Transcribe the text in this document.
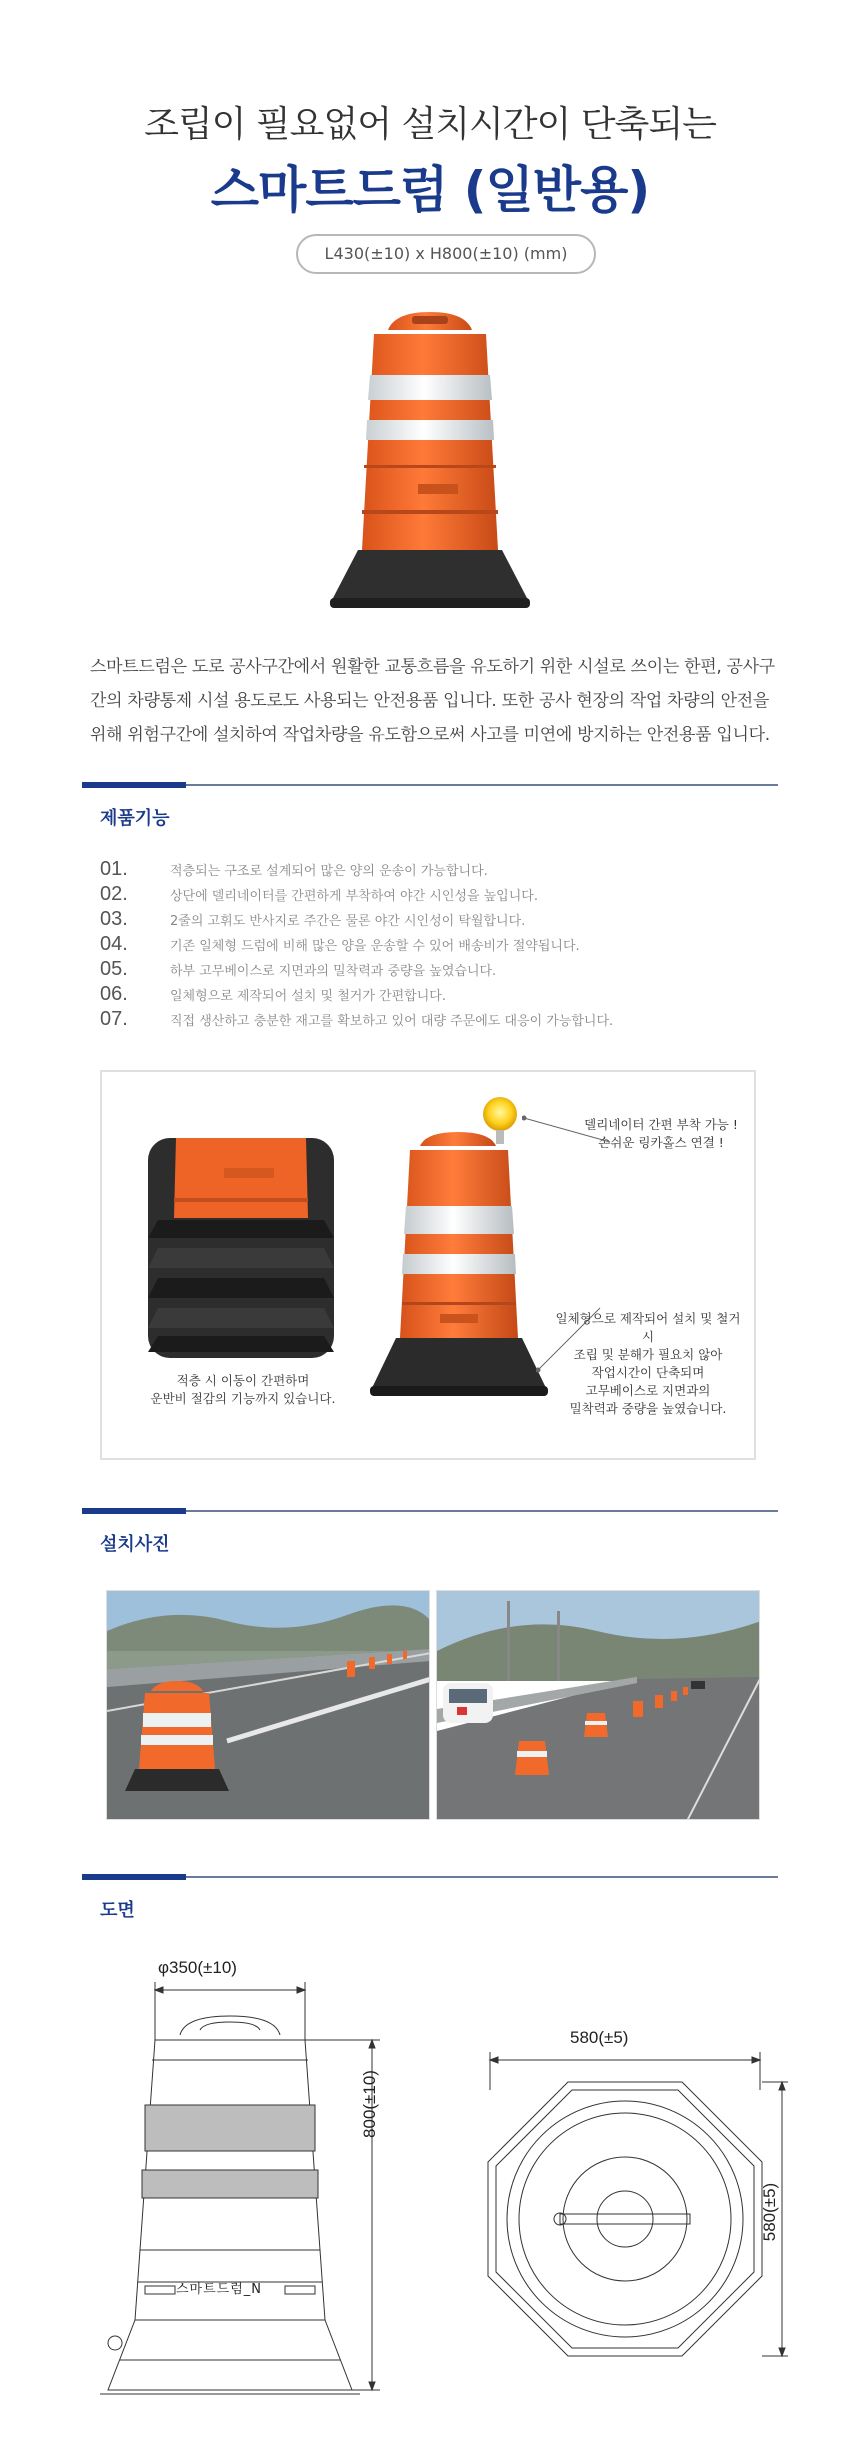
조립이 필요없어 설치시간이 단축되는
스마트드럼 (일반용)
L430(±10) x H800(±10) (mm)
스마트드럼은 도로 공사구간에서 원활한 교통흐름을 유도하기 위한 시설로 쓰이는 한편, 공사구간의 차량통제 시설 용도로도 사용되는 안전용품 입니다. 또한 공사 현장의 작업 차량의 안전을 위해 위험구간에 설치하여 작업차량을 유도함으로써 사고를 미연에 방지하는 안전용품 입니다.
제품기능
01.	적층되는 구조로 설계되어 많은 양의 운송이 가능합니다.
02.	상단에 델리네이터를 간편하게 부착하여 야간 시인성을 높입니다.
03.	2줄의 고휘도 반사지로 주간은 물론 야간 시인성이 탁월합니다.
04.	기존 일체형 드럼에 비해 많은 양을 운송할 수 있어 배송비가 절약됩니다.
05.	하부 고무베이스로 지면과의 밀착력과 중량을 높였습니다.
06.	일체형으로 제작되어 설치 및 철거가 간편합니다.
07.	직접 생산하고 충분한 재고를 확보하고 있어 대량 주문에도 대응이 가능합니다.
적층 시 이동이 간편하며
운반비 절감의 기능까지 있습니다.
델리네이터 간편 부착 가능 !
손쉬운 링카홀스 연결 !
일체형으로 제작되어 설치 및 철거 시
조립 및 분해가 필요치 않아
작업시간이 단축되며
고무베이스로 지면과의
밀착력과 중량을 높였습니다.
설치사진
도면
φ350(±10)
800(±10)
스마트드럼_N
580(±5)
580(±5)
